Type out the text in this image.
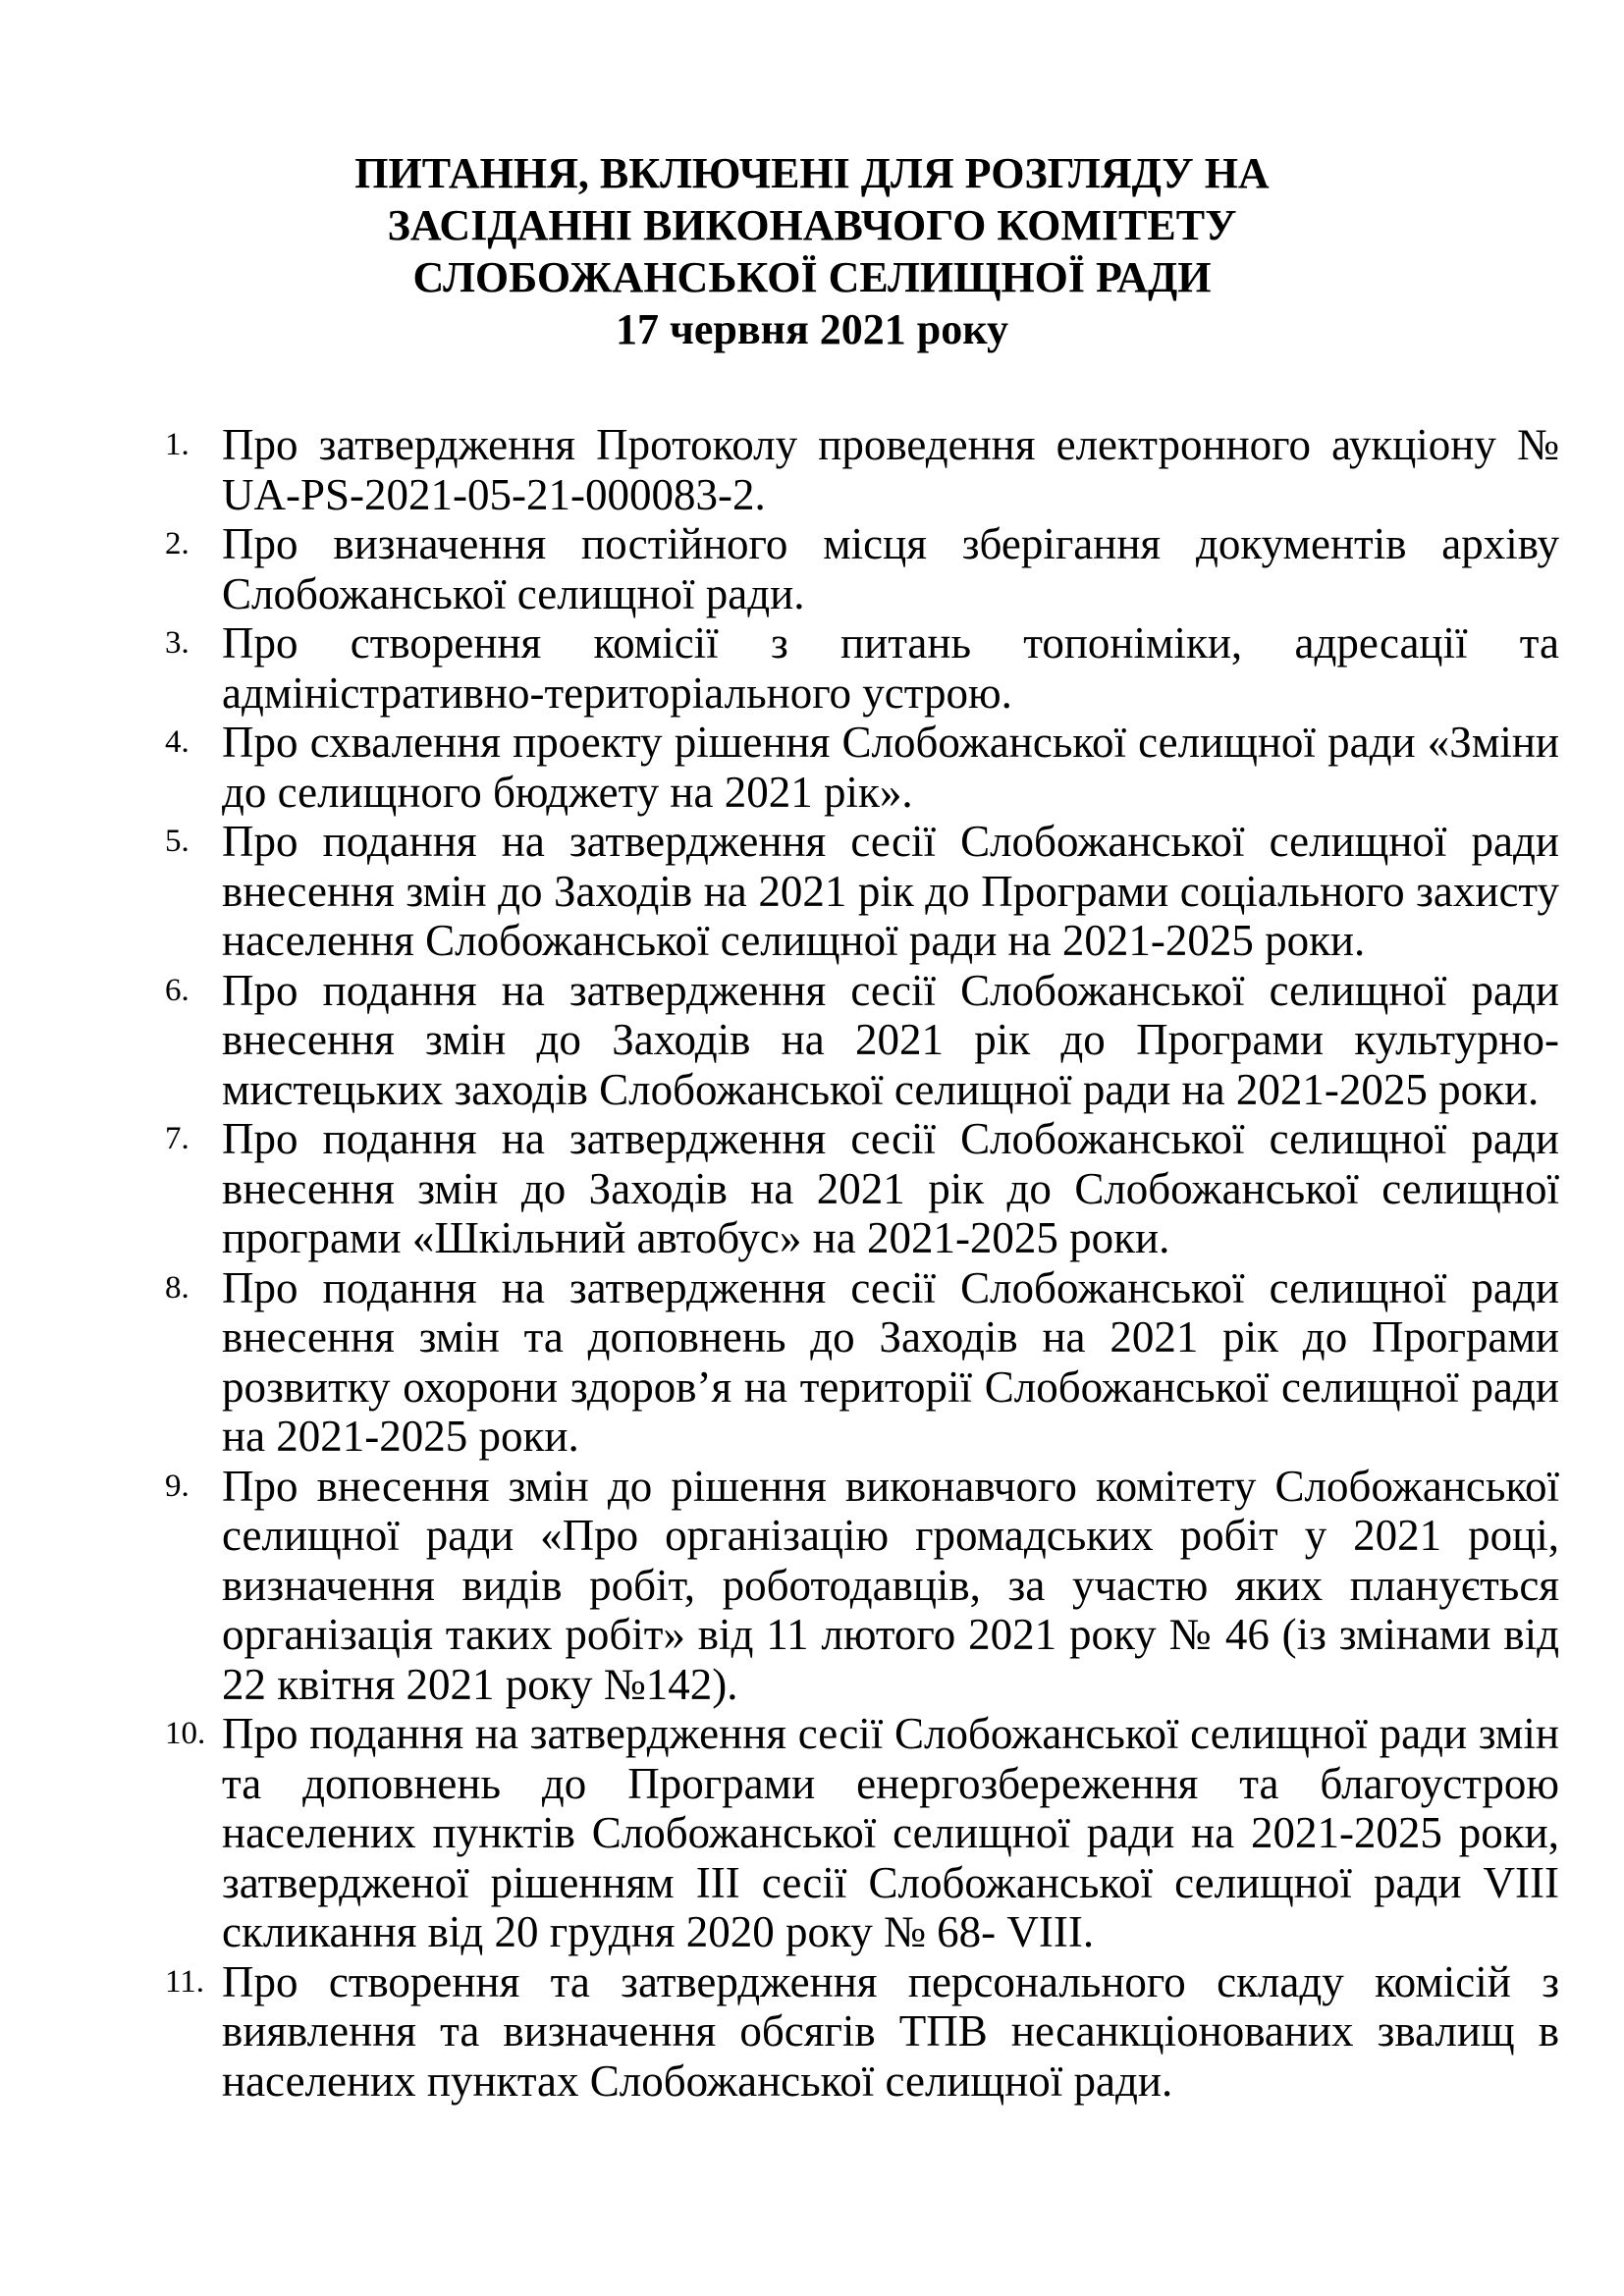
ПИТАННЯ, ВКЛЮЧЕНІ ДЛЯ РОЗГЛЯДУ НА
ЗАСІДАННІ ВИКОНАВЧОГО КОМІТЕТУ
СЛОБОЖАНСЬКОЇ СЕЛИЩНОЇ РАДИ
17 червня 2021 року
1. Про затвердження Протоколу проведення електронного аукціону № UA-PS-2021-05-21-000083-2.
2. Про визначення постійного місця зберігання документів архіву Слобожанської селищної ради.
3. Про створення комісії з питань топоніміки, адресації та адміністративно-територіального устрою.
4. Про схвалення проекту рішення Слобожанської селищної ради «Зміни до селищного бюджету на 2021 рік».
5. Про подання на затвердження сесії Слобожанської селищної ради внесення змін до Заходів на 2021 рік до Програми соціального захисту населення Слобожанської селищної ради на 2021-2025 роки.
6. Про подання на затвердження сесії Слобожанської селищної ради внесення змін до Заходів на 2021 рік до Програми культурно-мистецьких заходів Слобожанської селищної ради на 2021-2025 роки.
7. Про подання на затвердження сесії Слобожанської селищної ради внесення змін до Заходів на 2021 рік до Слобожанської селищної програми «Шкільний автобус» на 2021-2025 роки.
8. Про подання на затвердження сесії Слобожанської селищної ради внесення змін та доповнень до Заходів на 2021 рік до Програми розвитку охорони здоров’я на території Слобожанської селищної ради на 2021-2025 роки.
9. Про внесення змін до рішення виконавчого комітету Слобожанської селищної ради «Про організацію громадських робіт у 2021 році, визначення видів робіт, роботодавців, за участю яких планується організація таких робіт» від 11 лютого 2021 року № 46 (із змінами від 22 квітня 2021 року №142).
10. Про подання на затвердження сесії Слобожанської селищної ради змін та доповнень до Програми енергозбереження та благоустрою населених пунктів Слобожанської селищної ради на 2021-2025 роки, затвердженої рішенням ІІІ сесії Слобожанської селищної ради VIII скликання від 20 грудня 2020 року № 68- VIII.
11. Про створення та затвердження персонального складу комісій з виявлення та визначення обсягів ТПВ несанкціонованих звалищ в населених пунктах Слобожанської селищної ради.
